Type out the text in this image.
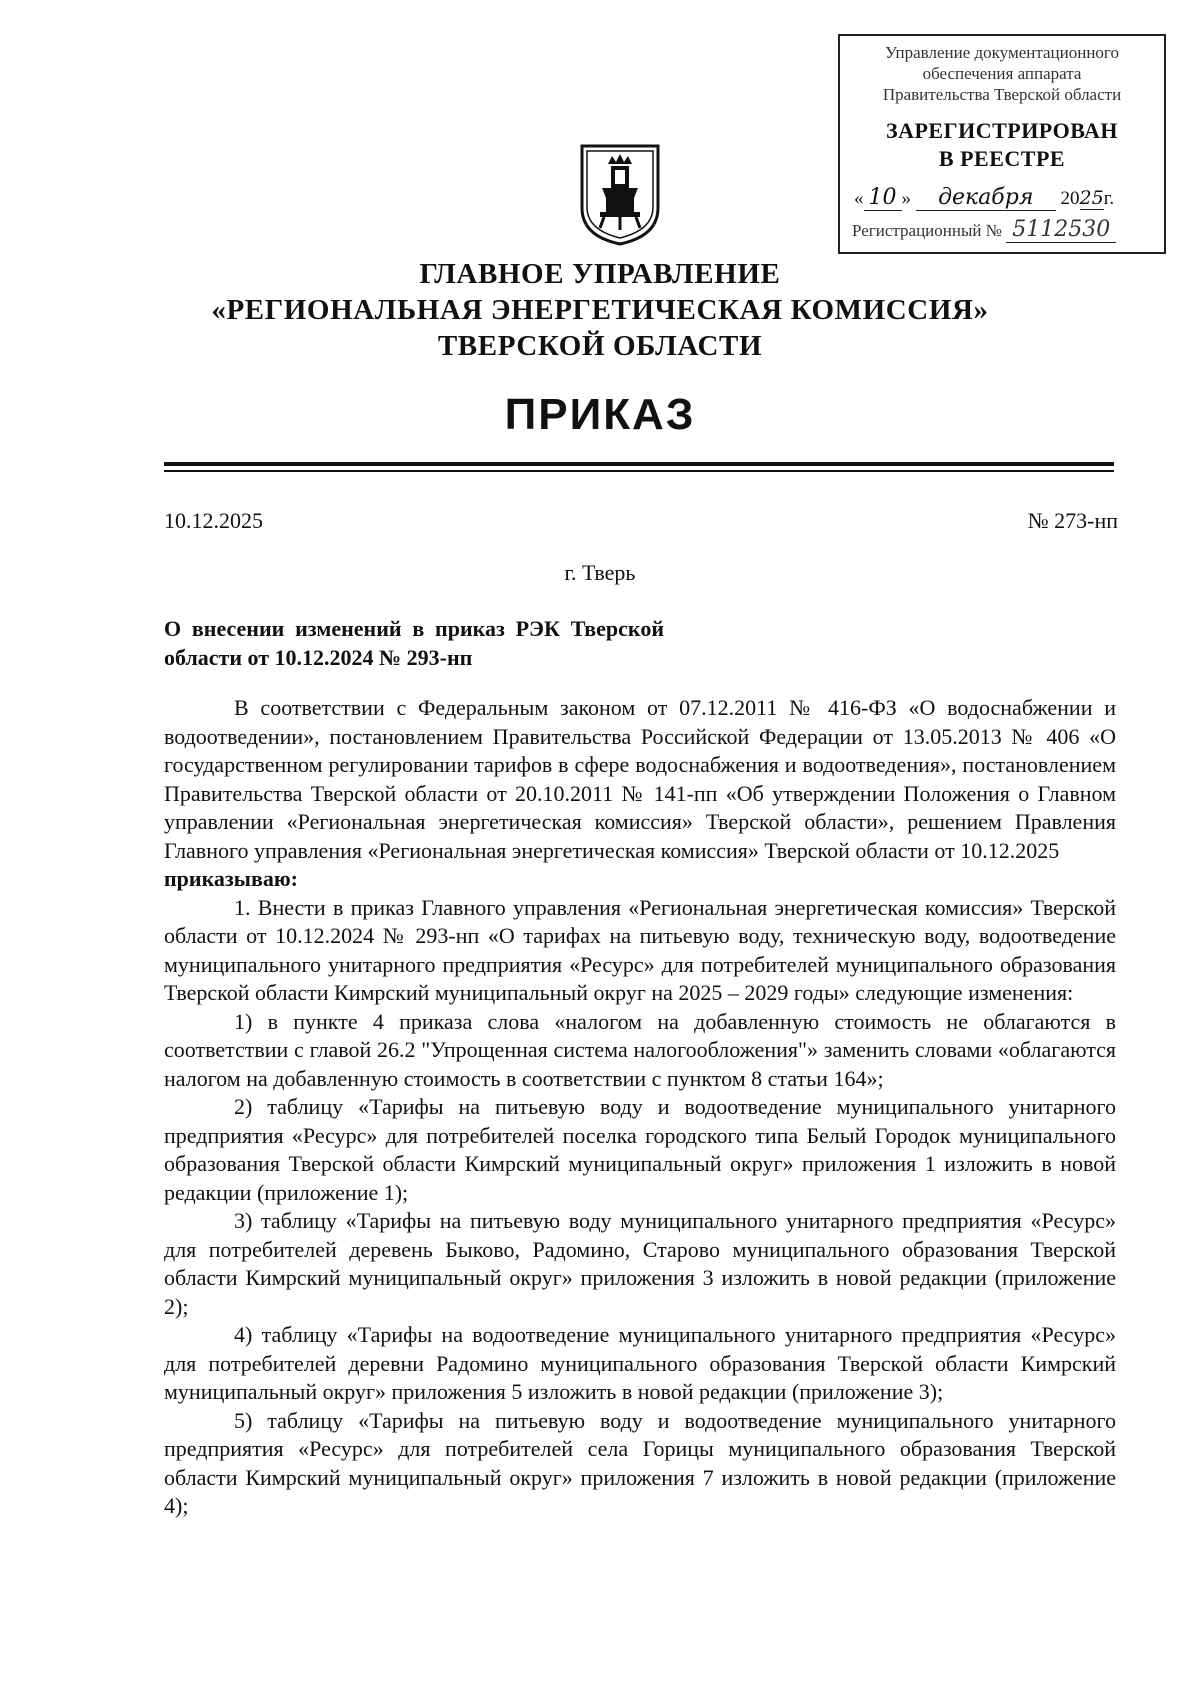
Управление документационного
обеспечения аппарата
Правительства Тверской области
ЗАРЕГИСТРИРОВАН
В РЕЕСТРЕ
« 10 » декабря 2025г.
Регистрационный № 5112530
ГЛАВНОЕ УПРАВЛЕНИЕ
«РЕГИОНАЛЬНАЯ ЭНЕРГЕТИЧЕСКАЯ КОМИССИЯ»
ТВЕРСКОЙ ОБЛАСТИ
ПРИКАЗ
10.12.2025	№ 273-нп
г. Тверь
О внесении изменений в приказ РЭК Тверской области от 10.12.2024 № 293-нп

В соответствии с Федеральным законом от 07.12.2011 № 416-ФЗ «О водоснабжении и водоотведении», постановлением Правительства Российской Федерации от 13.05.2013 № 406 «О государственном регулировании тарифов в сфере водоснабжения и водоотведения», постановлением Правительства Тверской области от 20.10.2011 № 141-пп «Об утверждении Положения о Главном управлении «Региональная энергетическая комиссия» Тверской области», решением Правления Главного управления «Региональная энергетическая комиссия» Тверской области от 10.12.2025

приказываю:

1. Внести в приказ Главного управления «Региональная энергетическая комиссия» Тверской области от 10.12.2024 № 293-нп «О тарифах на питьевую воду, техническую воду, водоотведение муниципального унитарного предприятия «Ресурс» для потребителей муниципального образования Тверской области Кимрский муниципальный округ на 2025 – 2029 годы» следующие изменения:

1) в пункте 4 приказа слова «налогом на добавленную стоимость не облагаются в соответствии с главой 26.2 "Упрощенная система налогообложения"» заменить словами «облагаются налогом на добавленную стоимость в соответствии с пунктом 8 статьи 164»;

2) таблицу «Тарифы на питьевую воду и водоотведение муниципального унитарного предприятия «Ресурс» для потребителей поселка городского типа Белый Городок муниципального образования Тверской области Кимрский муниципальный округ» приложения 1 изложить в новой редакции (приложение 1);

3) таблицу «Тарифы на питьевую воду муниципального унитарного предприятия «Ресурс» для потребителей деревень Быково, Радомино, Старово муниципального образования Тверской области Кимрский муниципальный округ» приложения 3 изложить в новой редакции (приложение 2);

4) таблицу «Тарифы на водоотведение муниципального унитарного предприятия «Ресурс» для потребителей деревни Радомино муниципального образования Тверской области Кимрский муниципальный округ» приложения 5 изложить в новой редакции (приложение 3);

5) таблицу «Тарифы на питьевую воду и водоотведение муниципального унитарного предприятия «Ресурс» для потребителей села Горицы муниципального образования Тверской области Кимрский муниципальный округ» приложения 7 изложить в новой редакции (приложение 4);
